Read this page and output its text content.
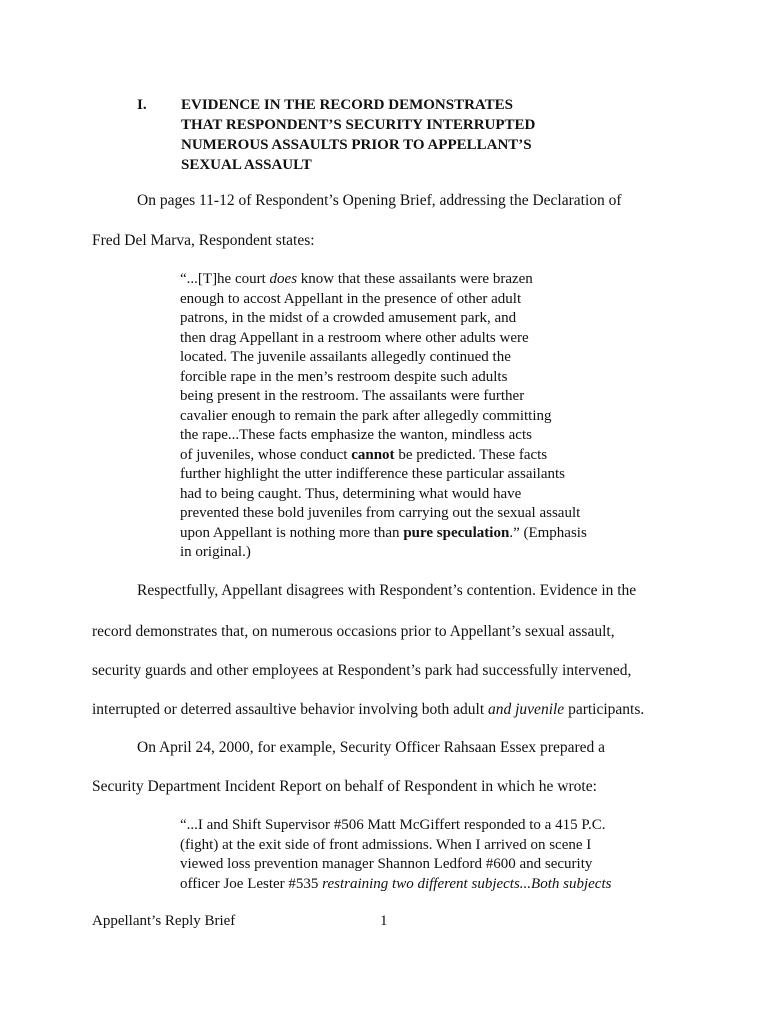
I. EVIDENCE IN THE RECORD DEMONSTRATES
THAT RESPONDENT’S SECURITY INTERRUPTED
NUMEROUS ASSAULTS PRIOR TO APPELLANT’S
SEXUAL ASSAULT
On pages 11-12 of Respondent’s Opening Brief, addressing the Declaration of
Fred Del Marva, Respondent states:
“...[T]he court does know that these assailants were brazen
enough to accost Appellant in the presence of other adult
patrons, in the midst of a crowded amusement park, and
then drag Appellant in a restroom where other adults were
located. The juvenile assailants allegedly continued the
forcible rape in the men’s restroom despite such adults
being present in the restroom. The assailants were further
cavalier enough to remain the park after allegedly committing
the rape...These facts emphasize the wanton, mindless acts
of juveniles, whose conduct cannot be predicted. These facts
further highlight the utter indifference these particular assailants
had to being caught. Thus, determining what would have
prevented these bold juveniles from carrying out the sexual assault
upon Appellant is nothing more than pure speculation.” (Emphasis
in original.)
Respectfully, Appellant disagrees with Respondent’s contention. Evidence in the
record demonstrates that, on numerous occasions prior to Appellant’s sexual assault,
security guards and other employees at Respondent’s park had successfully intervened,
interrupted or deterred assaultive behavior involving both adult and juvenile participants.
On April 24, 2000, for example, Security Officer Rahsaan Essex prepared a
Security Department Incident Report on behalf of Respondent in which he wrote:
“...I and Shift Supervisor #506 Matt McGiffert responded to a 415 P.C.
(fight) at the exit side of front admissions. When I arrived on scene I
viewed loss prevention manager Shannon Ledford #600 and security
officer Joe Lester #535 restraining two different subjects...Both subjects
Appellant’s Reply Brief	1
